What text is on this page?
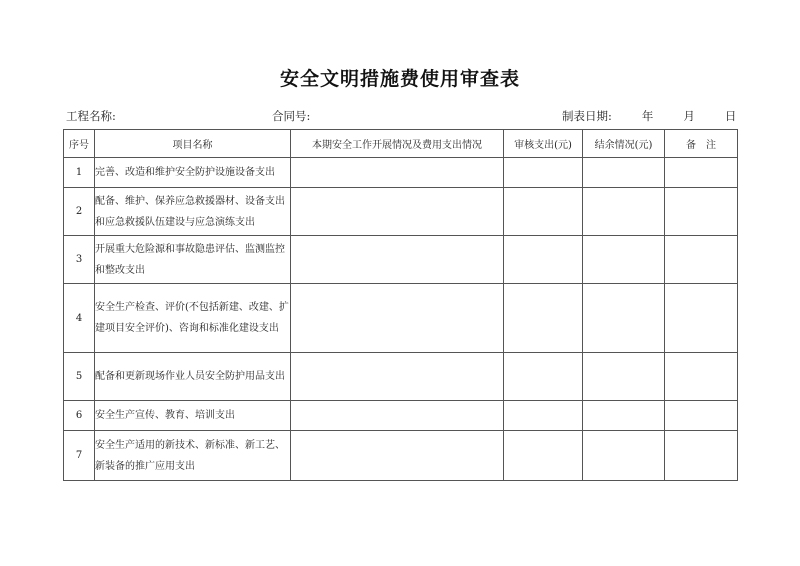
安全文明措施费使用审查表
工程名称:	合同号:	制表日期:	年	月	日
序号	项目名称	本期安全工作开展情况及费用支出情况	审核支出(元)	结余情况(元)	备　注
1	完善、改造和维护安全防护设施设备支出				
2	配备、维护、保养应急救援器材、设备支出和应急救援队伍建设与应急演练支出				
3	开展重大危险源和事故隐患评估、监测监控和整改支出				
4	安全生产检查、评价(不包括新建、改建、扩建项目安全评价)、咨询和标准化建设支出				
5	配备和更新现场作业人员安全防护用品支出				
6	安全生产宣传、教育、培训支出				
7	安全生产适用的新技术、新标准、新工艺、新装备的推广应用支出				
